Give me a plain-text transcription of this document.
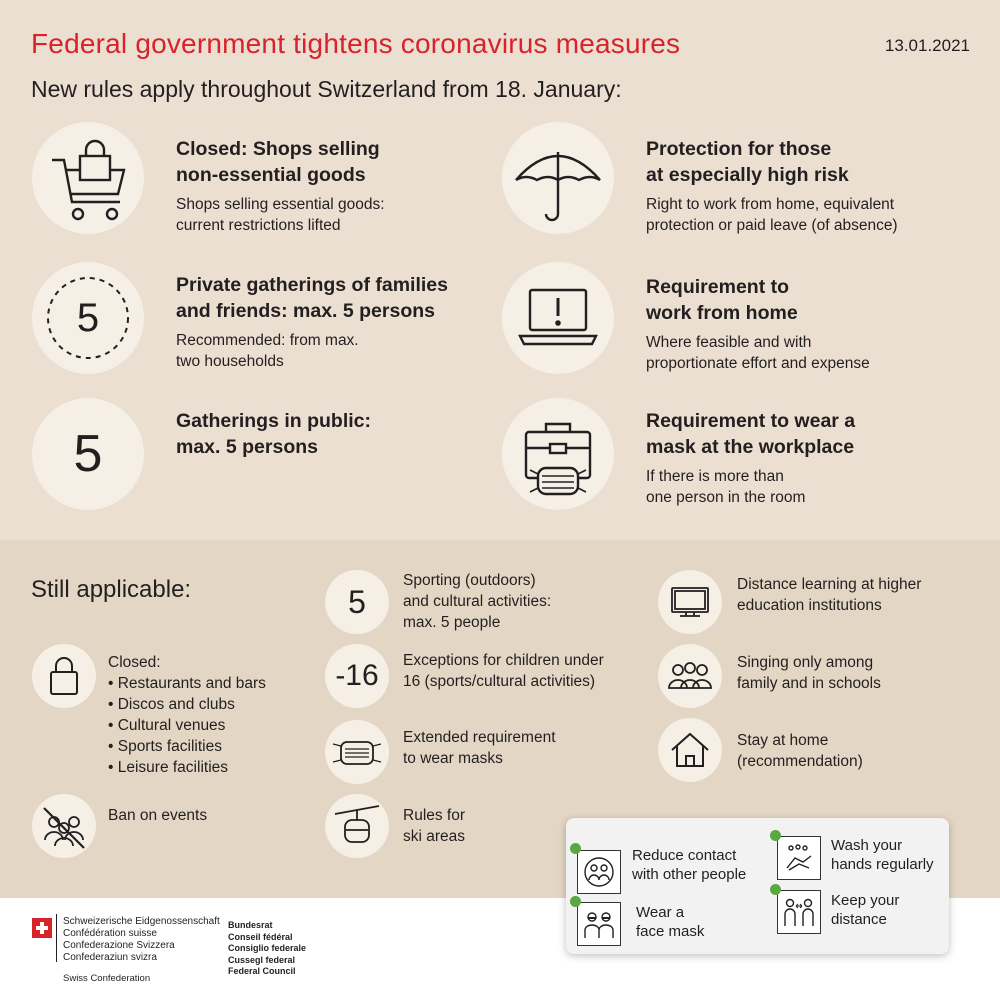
Federal government tightens coronavirus measures	13.01.2021
New rules apply throughout Switzerland from 18. January:
Closed: Shops selling
non-essential goods
Shops selling essential goods:
current restrictions lifted
Protection for those
at especially high risk
Right to work from home, equivalent
protection or paid leave (of absence)
5
Private gatherings of families
and friends: max. 5 persons
Recommended: from max.
two households
Requirement to
work from home
Where feasible and with
proportionate effort and expense
5
Gatherings in public:
max. 5 persons
Requirement to wear a
mask at the workplace
If there is more than
one person in the room
Still applicable:
Closed:
• Restaurants and bars
• Discos and clubs
• Cultural venues
• Sports facilities
• Leisure facilities
Ban on events
5
Sporting (outdoors)
and cultural activities:
max. 5 people
-16 Exceptions for children under
16 (sports/cultural activities)
Extended requirement
to wear masks
Rules for
ski areas
Distance learning at higher
education institutions
Singing only among
family and in schools
Stay at home
(recommendation)
Reduce contact
with other people
Wash your
hands regularly
Wear a
face mask
Keep your
distance
Schweizerische Eidgenossenschaft
Confédération suisse
Confederazione Svizzera
Confederaziun svizra
Swiss Confederation
Bundesrat
Conseil fédéral
Consiglio federale
Cussegl federal
Federal Council
